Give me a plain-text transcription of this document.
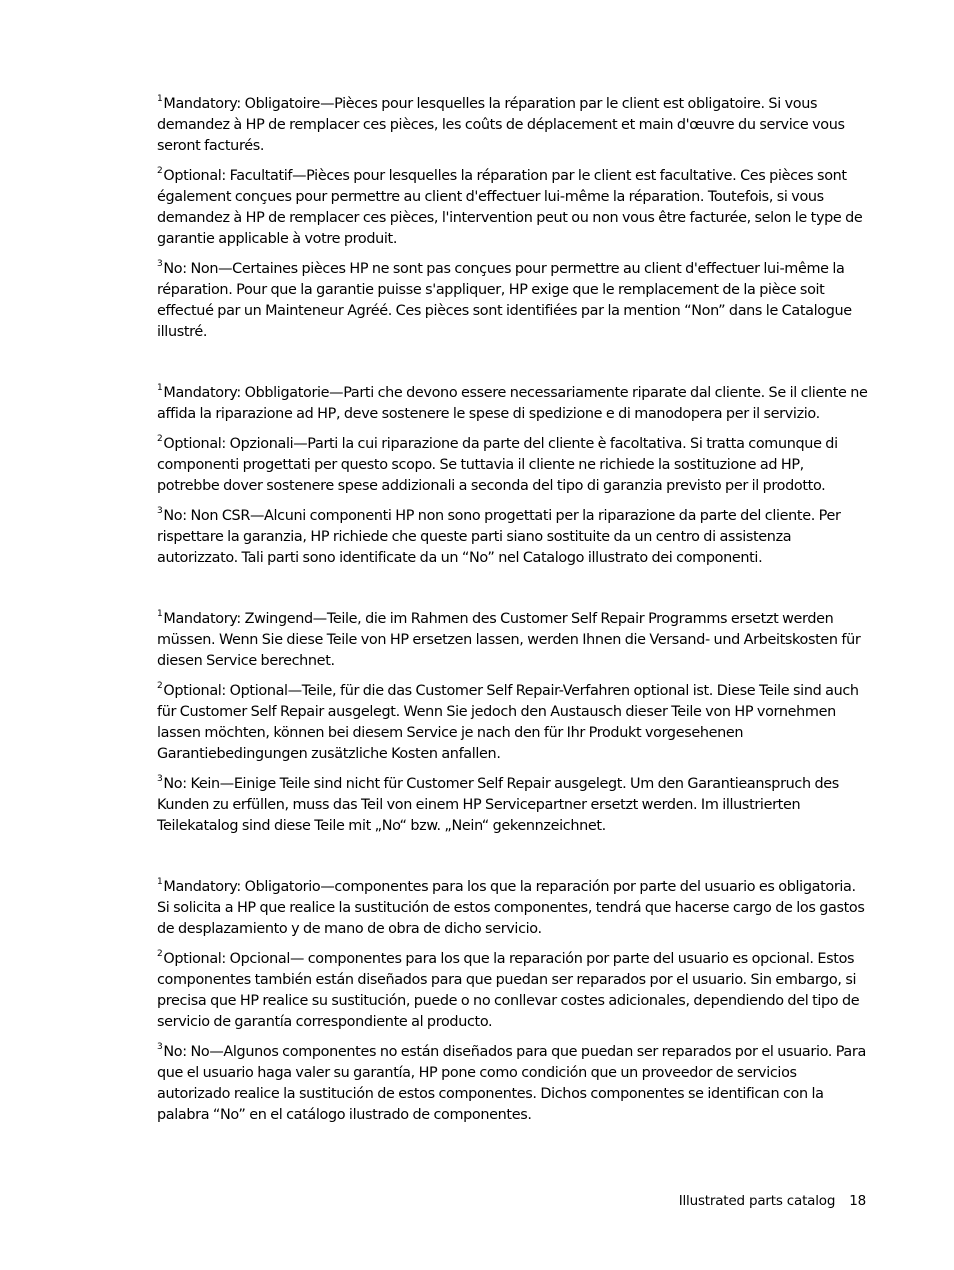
$^1$Mandatory: Obligatoire—Pièces pour lesquelles la réparation par le client est obligatoire. Si vous demandez à HP de remplacer ces pièces, les coûts de déplacement et main d'œuvre du service vous seront facturés.

$^2$Optional: Facultatif—Pièces pour lesquelles la réparation par le client est facultative. Ces pièces sont également conçues pour permettre au client d'effectuer lui-même la réparation. Toutefois, si vous demandez à HP de remplacer ces pièces, l'intervention peut ou non vous être facturée, selon le type de garantie applicable à votre produit.

$^3$No: Non—Certaines pièces HP ne sont pas conçues pour permettre au client d'effectuer lui-même la réparation. Pour que la garantie puisse s'appliquer, HP exige que le remplacement de la pièce soit effectué par un Mainteneur Agréé. Ces pièces sont identifiées par la mention “Non” dans le Catalogue illustré.

$^1$Mandatory: Obbligatorie—Parti che devono essere necessariamente riparate dal cliente. Se il cliente ne affida la riparazione ad HP, deve sostenere le spese di spedizione e di manodopera per il servizio.

$^2$Optional: Opzionali—Parti la cui riparazione da parte del cliente è facoltativa. Si tratta comunque di componenti progettati per questo scopo. Se tuttavia il cliente ne richiede la sostituzione ad HP, potrebbe dover sostenere spese addizionali a seconda del tipo di garanzia previsto per il prodotto.

$^3$No: Non CSR—Alcuni componenti HP non sono progettati per la riparazione da parte del cliente. Per rispettare la garanzia, HP richiede che queste parti siano sostituite da un centro di assistenza autorizzato. Tali parti sono identificate da un “No” nel Catalogo illustrato dei componenti.

$^1$Mandatory: Zwingend—Teile, die im Rahmen des Customer Self Repair Programms ersetzt werden müssen. Wenn Sie diese Teile von HP ersetzen lassen, werden Ihnen die Versand- und Arbeitskosten für diesen Service berechnet.

$^2$Optional: Optional—Teile, für die das Customer Self Repair-Verfahren optional ist. Diese Teile sind auch für Customer Self Repair ausgelegt. Wenn Sie jedoch den Austausch dieser Teile von HP vornehmen lassen möchten, können bei diesem Service je nach den für Ihr Produkt vorgesehenen Garantiebedingungen zusätzliche Kosten anfallen.

$^3$No: Kein—Einige Teile sind nicht für Customer Self Repair ausgelegt. Um den Garantieanspruch des Kunden zu erfüllen, muss das Teil von einem HP Servicepartner ersetzt werden. Im illustrierten Teilekatalog sind diese Teile mit „No“ bzw. „Nein“ gekennzeichnet.

$^1$Mandatory: Obligatorio—componentes para los que la reparación por parte del usuario es obligatoria. Si solicita a HP que realice la sustitución de estos componentes, tendrá que hacerse cargo de los gastos de desplazamiento y de mano de obra de dicho servicio.

$^2$Optional: Opcional— componentes para los que la reparación por parte del usuario es opcional. Estos componentes también están diseñados para que puedan ser reparados por el usuario. Sin embargo, si precisa que HP realice su sustitución, puede o no conllevar costes adicionales, dependiendo del tipo de servicio de garantía correspondiente al producto.

$^3$No: No—Algunos componentes no están diseñados para que puedan ser reparados por el usuario. Para que el usuario haga valer su garantía, HP pone como condición que un proveedor de servicios autorizado realice la sustitución de estos componentes. Dichos componentes se identifican con la palabra “No” en el catálogo ilustrado de componentes.

Illustrated parts catalog 18
